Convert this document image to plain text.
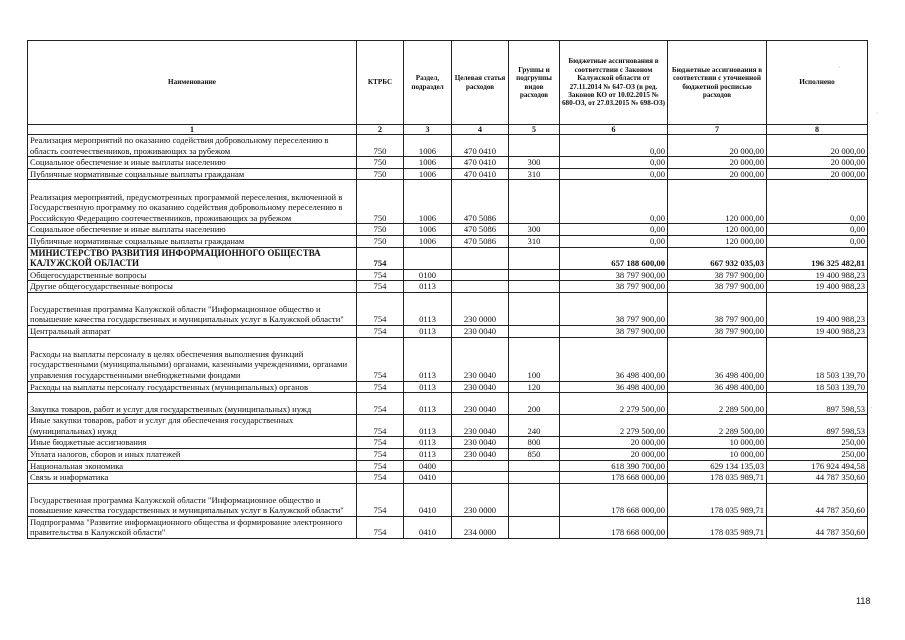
Наименование	КТРБС	Раздел, подраздел	Целевая статья расходов	Группы и подгруппы видов расходов	Бюджетные ассигнования в соответствии с Законом Калужской области от 27.11.2014 № 647-ОЗ (в ред. Законов КО от 10.02.2015 № 680-ОЗ, от 27.03.2015 № 698-ОЗ)	Бюджетные ассигнования в соответствии с уточненной бюджетной росписью расходов	Исполнено
1	2	3	4	5	6	7	8
Реализация мероприятий по оказанию содействия добровольному переселению в область соотечественников, проживающих за рубежом	750	1006	470 0410		0,00	20 000,00	20 000,00
Социальное обеспечение и иные выплаты населению	750	1006	470 0410	300	0,00	20 000,00	20 000,00
Публичные нормативные социальные выплаты гражданам	750	1006	470 0410	310	0,00	20 000,00	20 000,00
Реализация мероприятий, предусмотренных программой переселения, включенной в Государственную программу по оказанию содействия добровольному переселению в Российскую Федерацию соотечественников, проживающих за рубежом	750	1006	470 5086		0,00	120 000,00	0,00
Социальное обеспечение и иные выплаты населению	750	1006	470 5086	300	0,00	120 000,00	0,00
Публичные нормативные социальные выплаты гражданам	750	1006	470 5086	310	0,00	120 000,00	0,00
МИНИСТЕРСТВО РАЗВИТИЯ ИНФОРМАЦИОННОГО ОБЩЕСТВА КАЛУЖСКОЙ ОБЛАСТИ	754				657 188 600,00	667 932 035,03	196 325 482,81
Общегосударственные вопросы	754	0100			38 797 900,00	38 797 900,00	19 400 988,23
Другие общегосударственные вопросы	754	0113			38 797 900,00	38 797 900,00	19 400 988,23
Государственная программа Калужской области "Информационное общество и повышение качества государственных и муниципальных услуг в Калужской области"	754	0113	230 0000		38 797 900,00	38 797 900,00	19 400 988,23
Центральный аппарат	754	0113	230 0040		38 797 900,00	38 797 900,00	19 400 988,23
Расходы на выплаты персоналу в целях обеспечения выполнения функций государственными (муниципальными) органами, казенными учреждениями, органами управления государственными внебюджетными фондами	754	0113	230 0040	100	36 498 400,00	36 498 400,00	18 503 139,70
Расходы на выплаты персоналу государственных (муниципальных) органов	754	0113	230 0040	120	36 498 400,00	36 498 400,00	18 503 139,70
Закупка товаров, работ и услуг для государственных (муниципальных) нужд	754	0113	230 0040	200	2 279 500,00	2 289 500,00	897 598,53
Иные закупки товаров, работ и услуг для обеспечения государственных (муниципальных) нужд	754	0113	230 0040	240	2 279 500,00	2 289 500,00	897 598,53
Иные бюджетные ассигнования	754	0113	230 0040	800	20 000,00	10 000,00	250,00
Уплата налогов, сборов и иных платежей	754	0113	230 0040	850	20 000,00	10 000,00	250,00
Национальная экономика	754	0400			618 390 700,00	629 134 135,03	176 924 494,58
Связь и информатика	754	0410			178 668 000,00	178 035 989,71	44 787 350,60
Государственная программа Калужской области "Информационное общество и повышение качества государственных и муниципальных услуг в Калужской области"	754	0410	230 0000		178 668 000,00	178 035 989,71	44 787 350,60
Подпрограмма "Развитие информационного общества и формирование электронного правительства в Калужской области"	754	0410	234 0000		178 668 000,00	178 035 989,71	44 787 350,60
118
·
·
·
